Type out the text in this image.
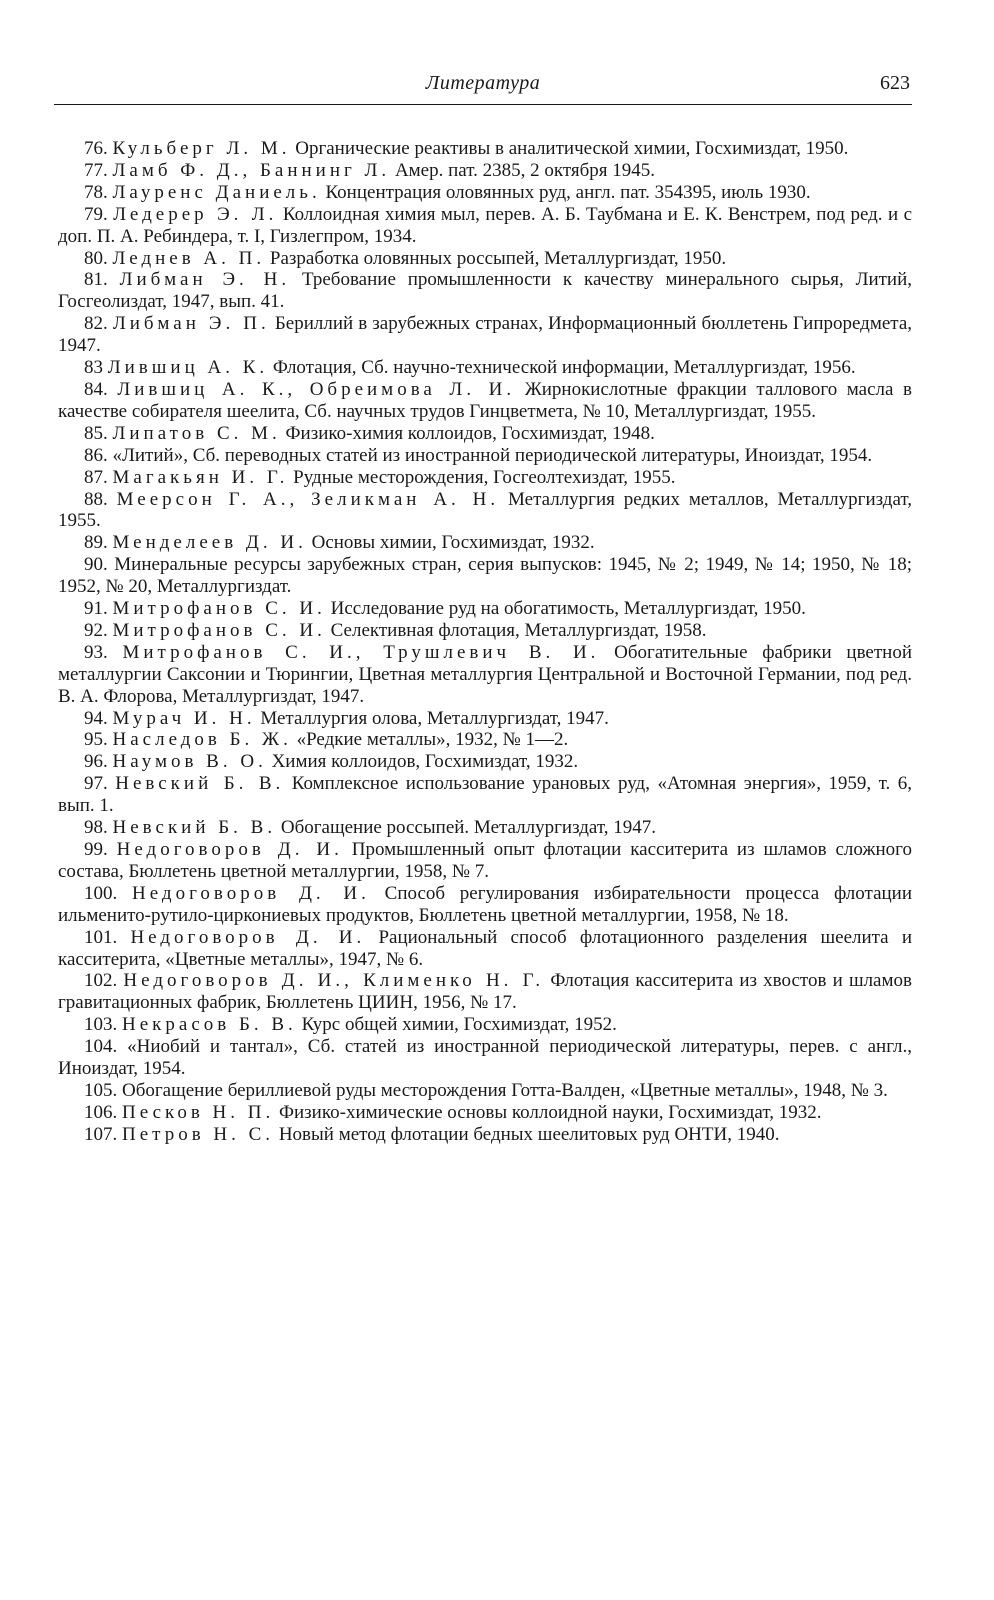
Литература	623
76. Кульберг Л. М. Органические реактивы в аналитической химии, Госхимиздат, 1950.
77. Ламб Ф. Д., Баннинг Л. Амер. пат. 2385, 2 октября 1945.
78. Лауренс Даниель. Концентрация оловянных руд, англ. пат. 354395, июль 1930.
79. Ледерер Э. Л. Коллоидная химия мыл, перев. А. Б. Таубмана и Е. К. Венстрем, под ред. и с доп. П. А. Ребиндера, т. I, Гизлегпром, 1934.
80. Леднев А. П. Разработка оловянных россыпей, Металлургиздат, 1950.
81. Либман Э. Н. Требование промышленности к качеству минерального сырья, Литий, Госгеолиздат, 1947, вып. 41.
82. Либман Э. П. Бериллий в зарубежных странах, Информационный бюллетень Гипроредмета, 1947.
83 Лившиц А. К. Флотация, Сб. научно-технической информации, Металлургиздат, 1956.
84. Лившиц А. К., Обреимова Л. И. Жирнокислотные фракции таллового масла в качестве собирателя шеелита, Сб. научных трудов Гинцветмета, № 10, Металлургиздат, 1955.
85. Липатов С. М. Физико-химия коллоидов, Госхимиздат, 1948.
86. «Литий», Сб. переводных статей из иностранной периодической литературы, Иноиздат, 1954.
87. Магакьян И. Г. Рудные месторождения, Госгеолтехиздат, 1955.
88. Меерсон Г. А., Зеликман А. Н. Металлургия редких металлов, Металлургиздат, 1955.
89. Менделеев Д. И. Основы химии, Госхимиздат, 1932.
90. Минеральные ресурсы зарубежных стран, серия выпусков: 1945, № 2; 1949, № 14; 1950, № 18; 1952, № 20, Металлургиздат.
91. Митрофанов С. И. Исследование руд на обогатимость, Металлургиздат, 1950.
92. Митрофанов С. И. Селективная флотация, Металлургиздат, 1958.
93. Митрофанов С. И., Трушлевич В. И. Обогатительные фабрики цветной металлургии Саксонии и Тюрингии, Цветная металлургия Центральной и Восточной Германии, под ред. В. А. Флорова, Металлургиздат, 1947.
94. Мурач И. Н. Металлургия олова, Металлургиздат, 1947.
95. Наследов Б. Ж. «Редкие металлы», 1932, № 1—2.
96. Наумов В. О. Химия коллоидов, Госхимиздат, 1932.
97. Невский Б. В. Комплексное использование урановых руд, «Атомная энергия», 1959, т. 6, вып. 1.
98. Невский Б. В. Обогащение россыпей. Металлургиздат, 1947.
99. Недоговоров Д. И. Промышленный опыт флотации касситерита из шламов сложного состава, Бюллетень цветной металлургии, 1958, № 7.
100. Недоговоров Д. И. Способ регулирования избирательности процесса флотации ильменито-рутило-циркониевых продуктов, Бюллетень цветной металлургии, 1958, № 18.
101. Недоговоров Д. И. Рациональный способ флотационного разделения шеелита и касситерита, «Цветные металлы», 1947, № 6.
102. Недоговоров Д. И., Клименко Н. Г. Флотация касситерита из хвостов и шламов гравитационных фабрик, Бюллетень ЦИИН, 1956, № 17.
103. Некрасов Б. В. Курс общей химии, Госхимиздат, 1952.
104. «Ниобий и тантал», Сб. статей из иностранной периодической литературы, перев. с англ., Иноиздат, 1954.
105. Обогащение бериллиевой руды месторождения Готта-Валден, «Цветные металлы», 1948, № 3.
106. Песков Н. П. Физико-химические основы коллоидной науки, Госхимиздат, 1932.
107. Петров Н. С. Новый метод флотации бедных шеелитовых руд ОНТИ, 1940.
